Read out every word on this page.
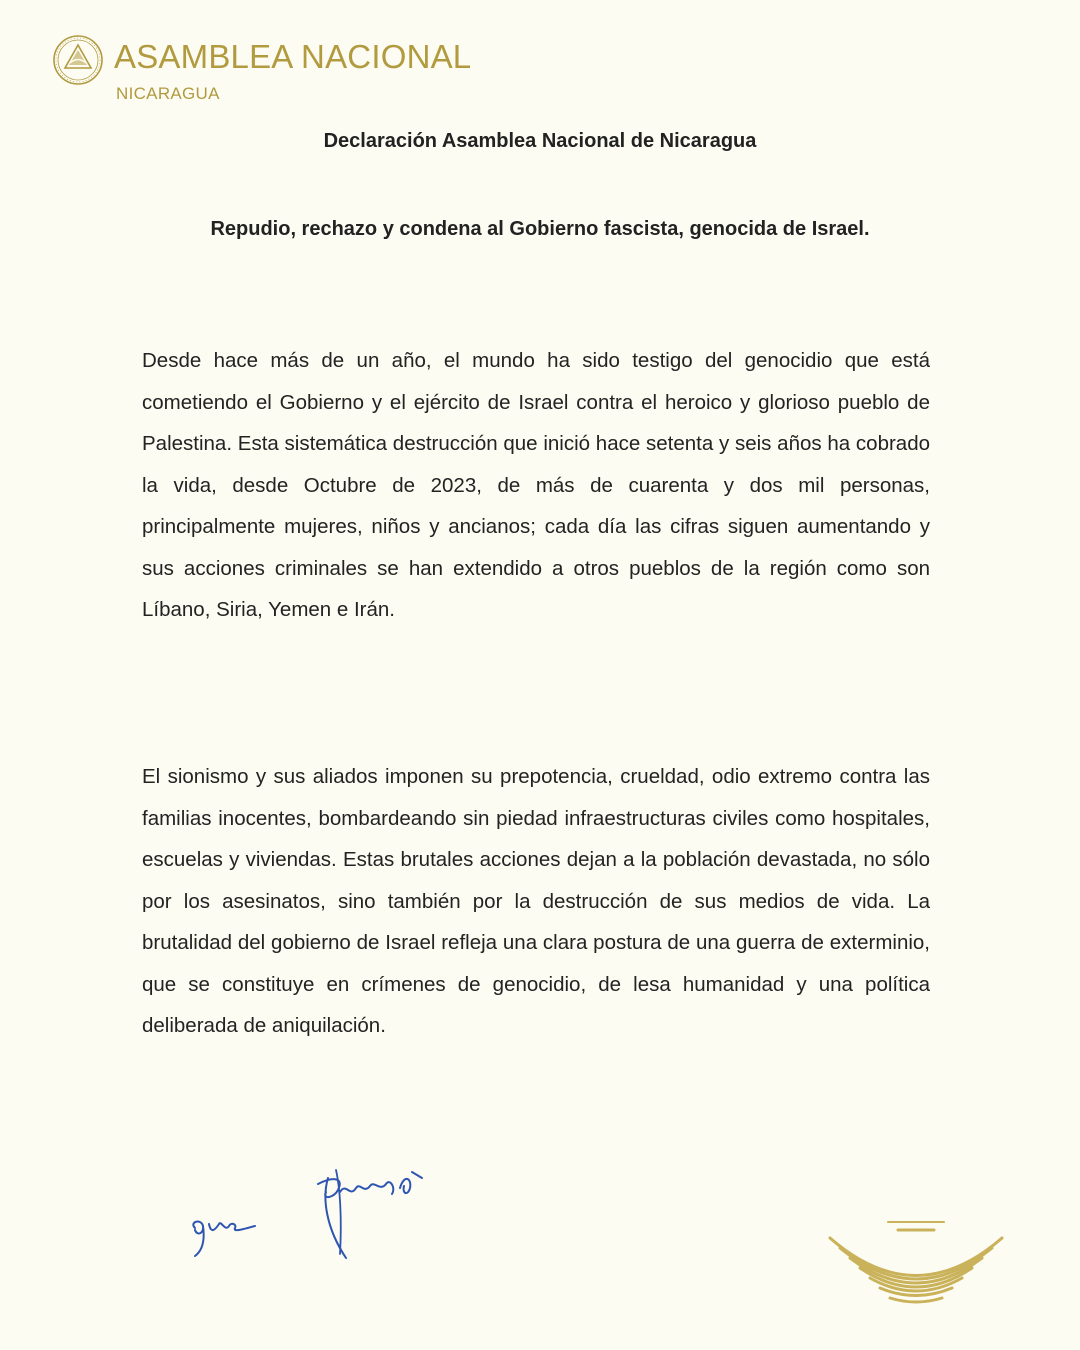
ASAMBLEA NACIONAL
NICARAGUA
Declaración Asamblea Nacional de Nicaragua
Repudio, rechazo y condena al Gobierno fascista, genocida de Israel.
Desde hace más de un año, el mundo ha sido testigo del genocidio que está cometiendo el Gobierno y el ejército de Israel contra el heroico y glorioso pueblo de Palestina. Esta sistemática destrucción que inició hace setenta y seis años ha cobrado la vida, desde Octubre de 2023, de más de cuarenta y dos mil personas, principalmente mujeres, niños y ancianos; cada día las cifras siguen aumentando y sus acciones criminales se han extendido a otros pueblos de la región como son Líbano, Siria, Yemen e Irán.
El sionismo y sus aliados imponen su prepotencia, crueldad, odio extremo contra las familias inocentes, bombardeando sin piedad infraestructuras civiles como hospitales, escuelas y viviendas. Estas brutales acciones dejan a la población devastada, no sólo por los asesinatos, sino también por la destrucción de sus medios de vida. La brutalidad del gobierno de Israel refleja una clara postura de una guerra de exterminio, que se constituye en crímenes de genocidio, de lesa humanidad y una política deliberada de aniquilación.
